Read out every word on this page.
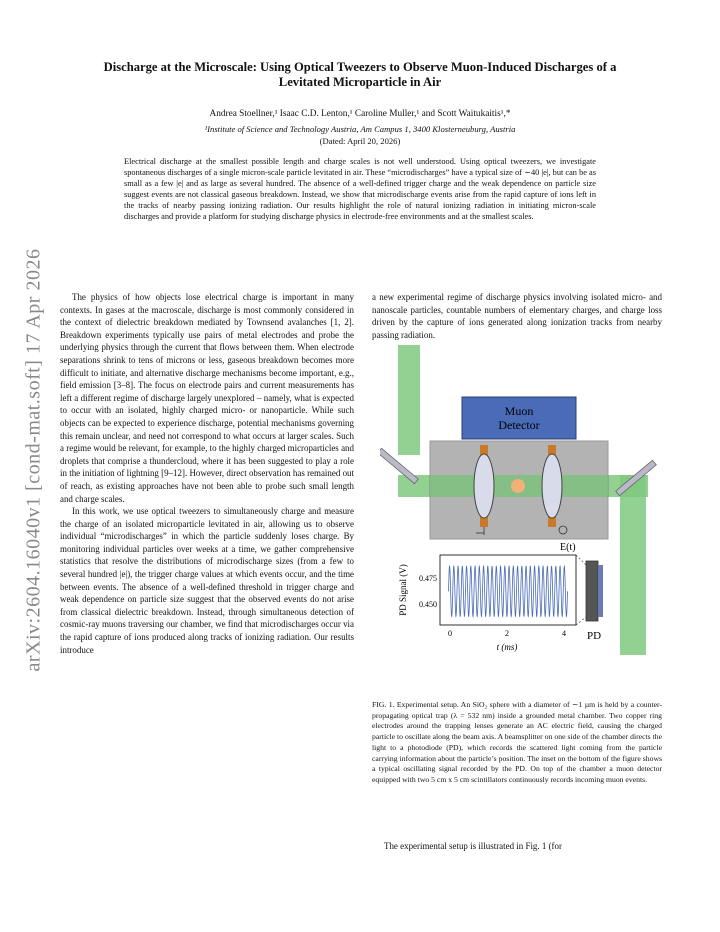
arXiv:2604.16040v1 [cond-mat.soft] 17 Apr 2026
Discharge at the Microscale: Using Optical Tweezers to Observe Muon-Induced Discharges of a Levitated Microparticle in Air
Andrea Stoellner,¹ Isaac C.D. Lenton,¹ Caroline Muller,¹ and Scott Waitukaitis¹,*
¹Institute of Science and Technology Austria, Am Campus 1, 3400 Klosterneuburg, Austria
(Dated: April 20, 2026)
Electrical discharge at the smallest possible length and charge scales is not well understood. Using optical tweezers, we investigate spontaneous discharges of a single micron-scale particle levitated in air. These “microdischarges” have a typical size of ∼40 |e|, but can be as small as a few |e| and as large as several hundred. The absence of a well-defined trigger charge and the weak dependence on particle size suggest events are not classical gaseous breakdown. Instead, we show that microdischarge events arise from the rapid capture of ions left in the tracks of nearby passing ionizing radiation. Our results highlight the role of natural ionizing radiation in initiating micron-scale discharges and provide a platform for studying discharge physics in electrode-free environments and at the smallest scales.

The physics of how objects lose electrical charge is important in many contexts. In gases at the macroscale, discharge is most commonly considered in the context of dielectric breakdown mediated by Townsend avalanches [1, 2]. Breakdown experiments typically use pairs of metal electrodes and probe the underlying physics through the current that flows between them. When electrode separations shrink to tens of microns or less, gaseous breakdown becomes more difficult to initiate, and alternative discharge mechanisms become important, e.g., field emission [3–8]. The focus on electrode pairs and current measurements has left a different regime of discharge largely unexplored – namely, what is expected to occur with an isolated, highly charged micro- or nanoparticle. While such objects can be expected to experience discharge, potential mechanisms governing this remain unclear, and need not correspond to what occurs at larger scales. Such a regime would be relevant, for example, to the highly charged microparticles and droplets that comprise a thundercloud, where it has been suggested to play a role in the initiation of lightning [9–12]. However, direct observation has remained out of reach, as existing approaches have not been able to probe such small length and charge scales.

In this work, we use optical tweezers to simultaneously charge and measure the charge of an isolated microparticle levitated in air, allowing us to observe individual “microdischarges” in which the particle suddenly loses charge. By monitoring individual particles over weeks at a time, we gather comprehensive statistics that resolve the distributions of microdischarge sizes (from a few to several hundred |e|), the trigger charge values at which events occur, and the time between events. The absence of a well-defined threshold in trigger charge and weak dependence on particle size suggest that the observed events do not arise from classical dielectric breakdown. Instead, through simultaneous detection of cosmic-ray muons traversing our chamber, we find that microdischarges occur via the rapid capture of ions produced along tracks of ionizing radiation. Our results introduce

a new experimental regime of discharge physics involving isolated micro- and nanoscale particles, countable numbers of elementary charges, and charge loss driven by the capture of ions generated along ionization tracks from nearby passing radiation.

Muon
Detector
E(t)
PD
PD Signal (V) 0.475
0.450
0	2	4
t (ms)
FIG. 1. Experimental setup. An SiO₂ sphere with a diameter of ∼1 µm is held by a counter-propagating optical trap (λ = 532 nm) inside a grounded metal chamber. Two copper ring electrodes around the trapping lenses generate an AC electric field, causing the charged particle to oscillate along the beam axis. A beamsplitter on one side of the chamber directs the light to a photodiode (PD), which records the scattered light coming from the particle carrying information about the particle’s position. The inset on the bottom of the figure shows a typical oscillating signal recorded by the PD. On top of the chamber a muon detector equipped with two 5 cm x 5 cm scintillators continuously records incoming muon events.

The experimental setup is illustrated in Fig. 1 (for
